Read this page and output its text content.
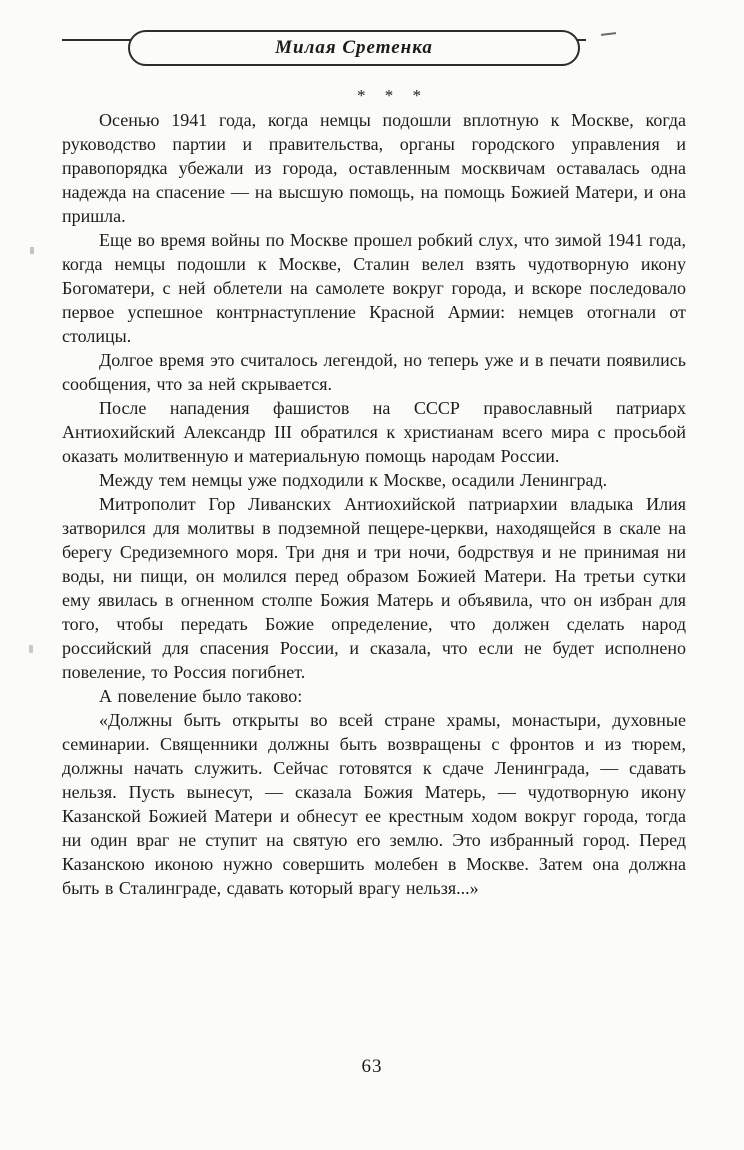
Милая Сретенка

* * *

Осенью 1941 года, когда немцы подошли вплотную к Москве, когда руководство партии и правительства, органы городского управления и правопорядка убежали из города, оставленным москвичам оставалась одна надежда на спасение — на высшую помощь, на помощь Божией Матери, и она пришла.

Еще во время войны по Москве прошел робкий слух, что зимой 1941 года, когда немцы подошли к Москве, Сталин велел взять чудотворную икону Богоматери, с ней облетели на самолете вокруг города, и вскоре последовало первое успешное контрнаступление Красной Армии: немцев отогнали от столицы.

Долгое время это считалось легендой, но теперь уже и в печати появились сообщения, что за ней скрывается.

После нападения фашистов на СССР православный патриарх Антиохийский Александр III обратился к христианам всего мира с просьбой оказать молитвенную и материальную помощь народам России.

Между тем немцы уже подходили к Москве, осадили Ленинград.

Митрополит Гор Ливанских Антиохийской патриархии владыка Илия затворился для молитвы в подземной пещере-церкви, находящейся в скале на берегу Средиземного моря. Три дня и три ночи, бодрствуя и не принимая ни воды, ни пищи, он молился перед образом Божией Матери. На третьи сутки ему явилась в огненном столпе Божия Матерь и объявила, что он избран для того, чтобы передать Божие определение, что должен сделать народ российский для спасения России, и сказала, что если не будет исполнено повеление, то Россия погибнет.

А повеление было таково:

«Должны быть открыты во всей стране храмы, монастыри, духовные семинарии. Священники должны быть возвращены с фронтов и из тюрем, должны начать служить. Сейчас готовятся к сдаче Ленинграда, — сдавать нельзя. Пусть вынесут, — сказала Божия Матерь, — чудотворную икону Казанской Божией Матери и обнесут ее крестным ходом вокруг города, тогда ни один враг не ступит на святую его землю. Это избранный город. Перед Казанскою иконою нужно совершить молебен в Москве. Затем она должна быть в Сталинграде, сдавать который врагу нельзя...»

63
